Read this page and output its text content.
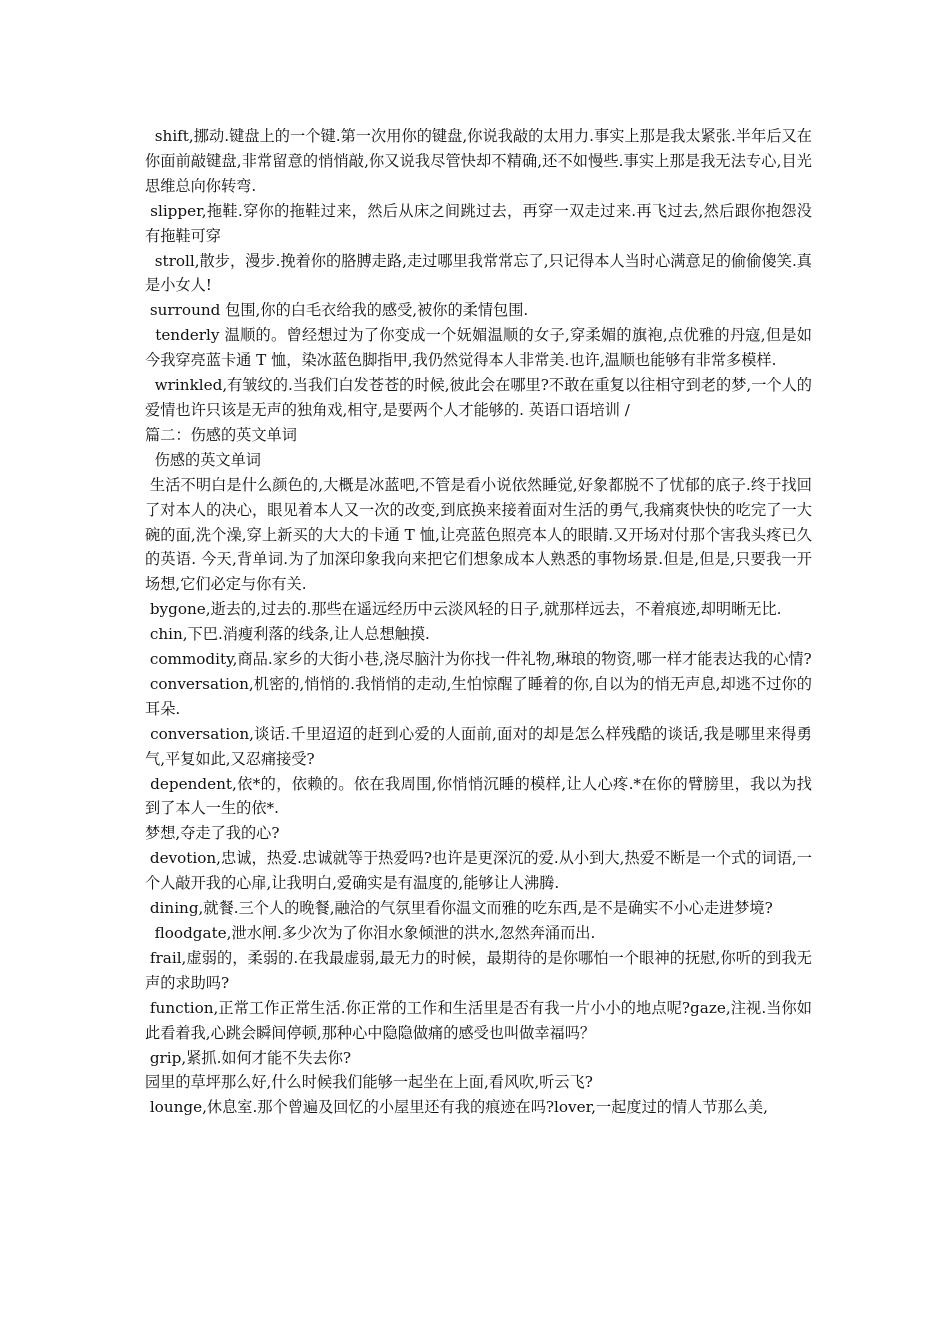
shift,挪动.键盘上的一个键.第一次用你的键盘,你说我敲的太用力.事实上那是我太紧张.半年后又在你面前敲键盘,非常留意的悄悄敲,你又说我尽管快却不精确,还不如慢些.事实上那是我无法专心,目光思维总向你转弯.

slipper,拖鞋.穿你的拖鞋过来，然后从床之间跳过去，再穿一双走过来.再飞过去,然后跟你抱怨没有拖鞋可穿

stroll,散步，漫步.挽着你的胳膊走路,走过哪里我常常忘了,只记得本人当时心满意足的偷偷傻笑.真是小女人!

surround 包围,你的白毛衣给我的感受,被你的柔情包围.

tenderly 温顺的。曾经想过为了你变成一个妩媚温顺的女子,穿柔媚的旗袍,点优雅的丹寇,但是如今我穿亮蓝卡通 T 恤，染冰蓝色脚指甲,我仍然觉得本人非常美.也许,温顺也能够有非常多模样.

wrinkled,有皱纹的.当我们白发苍苍的时候,彼此会在哪里?不敢在重复以往相守到老的梦,一个人的爱情也许只该是无声的独角戏,相守,是要两个人才能够的. 英语口语培训 /

篇二：伤感的英文单词

伤感的英文单词

生活不明白是什么颜色的,大概是冰蓝吧,不管是看小说依然睡觉,好象都脱不了忧郁的底子.终于找回了对本人的决心，眼见着本人又一次的改变,到底换来接着面对生活的勇气,我痛爽快快的吃完了一大碗的面,洗个澡,穿上新买的大大的卡通 T 恤,让亮蓝色照亮本人的眼睛.又开场对付那个害我头疼已久的英语. 今天,背单词.为了加深印象我向来把它们想象成本人熟悉的事物场景.但是,但是,只要我一开场想,它们必定与你有关.

bygone,逝去的,过去的.那些在遥远经历中云淡风轻的日子,就那样远去，不着痕迹,却明晰无比.

chin,下巴.消瘦利落的线条,让人总想触摸.

commodity,商品.家乡的大街小巷,浇尽脑汁为你找一件礼物,琳琅的物资,哪一样才能表达我的心情?

conversation,机密的,悄悄的.我悄悄的走动,生怕惊醒了睡着的你,自以为的悄无声息,却逃不过你的耳朵.

conversation,谈话.千里迢迢的赶到心爱的人面前,面对的却是怎么样残酷的谈话,我是哪里来得勇气,平复如此,又忍痛接受?

dependent,依*的，依赖的。依在我周围,你悄悄沉睡的模样,让人心疼.*在你的臂膀里，我以为找到了本人一生的依*.

梦想,夺走了我的心?

devotion,忠诚，热爱.忠诚就等于热爱吗?也许是更深沉的爱.从小到大,热爱不断是一个式的词语,一个人敲开我的心扉,让我明白,爱确实是有温度的,能够让人沸腾.

dining,就餐.三个人的晚餐,融洽的气氛里看你温文而雅的吃东西,是不是确实不小心走进梦境?

floodgate,泄水闸.多少次为了你泪水象倾泄的洪水,忽然奔涌而出.

frail,虚弱的，柔弱的.在我最虚弱,最无力的时候，最期待的是你哪怕一个眼神的抚慰,你听的到我无声的求助吗?

function,正常工作正常生活.你正常的工作和生活里是否有我一片小小的地点呢?gaze,注视.当你如此看着我,心跳会瞬间停顿,那种心中隐隐做痛的感受也叫做幸福吗？

grip,紧抓.如何才能不失去你?

园里的草坪那么好,什么时候我们能够一起坐在上面,看风吹,听云飞?

lounge,休息室.那个曾遍及回忆的小屋里还有我的痕迹在吗?lover,一起度过的情人节那么美,
